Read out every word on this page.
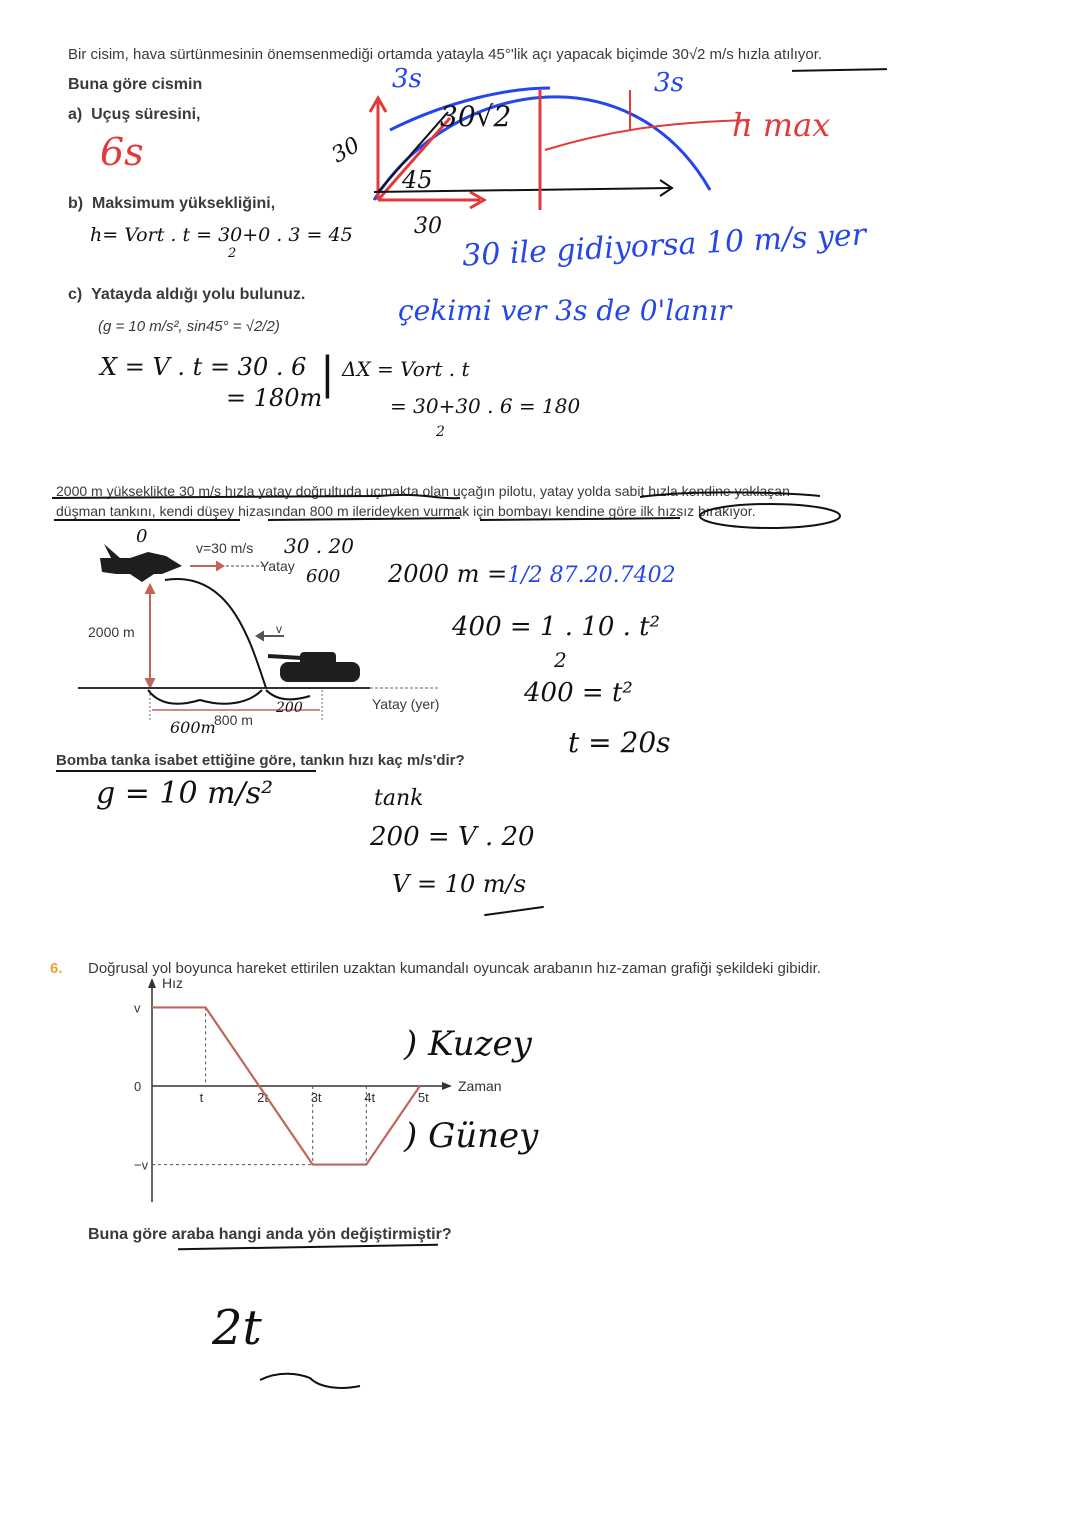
Bir cisim, hava sürtünmesinin önemsenmediği ortamda yatayla 45°'lik açı yapacak biçimde 30√2 m/s hızla atılıyor.
Buna göre cismin
a) Uçuş süresini,
b) Maksimum yüksekliğini,
c) Yatayda aldığı yolu bulunuz.
(g = 10 m/s², sin45° = √2/2)
6s
h= Vort . t = 30+0 . 3 = 45
2
X = V . t = 30 . 6
= 180m
| ΔX = Vort . t
= 30+30 . 6 = 180
2
3s	3s
30√2
45
30
30
h max
30 ile gidiyorsa 10 m/s yer
çekimi ver 3s de 0'lanır
2000 m yükseklikte 30 m/s hızla yatay doğrultuda uçmakta olan uçağın pilotu, yatay yolda sabit hızla kendine yaklaşan
düşman tankını, kendi düşey hizasından 800 m ilerideyken vurmak için bombayı kendine göre ilk hızsız bırakıyor.
v=30 m/s
Yatay
2000 m	v
Yatay (yer)
800 m
Bomba tanka isabet ettiğine göre, tankın hızı kaç m/s'dir?
0	30 . 20
600
600m
200
2000 m =1/2 87.20.7402
400 = 1 . 10 . t²
2
400 = t²
t = 20s
g = 10 m/s²	tank
200 = V . 20
V = 10 m/s
6. Doğrusal yol boyunca hareket ettirilen uzaktan kumandalı oyuncak arabanın hız-zaman grafiği şekildeki gibidir.
Hız
Zaman
v
0
−v
t	2t	3t	4t	5t
Buna göre araba hangi anda yön değiştirmiştir?
) Kuzey
) Güney
2t
